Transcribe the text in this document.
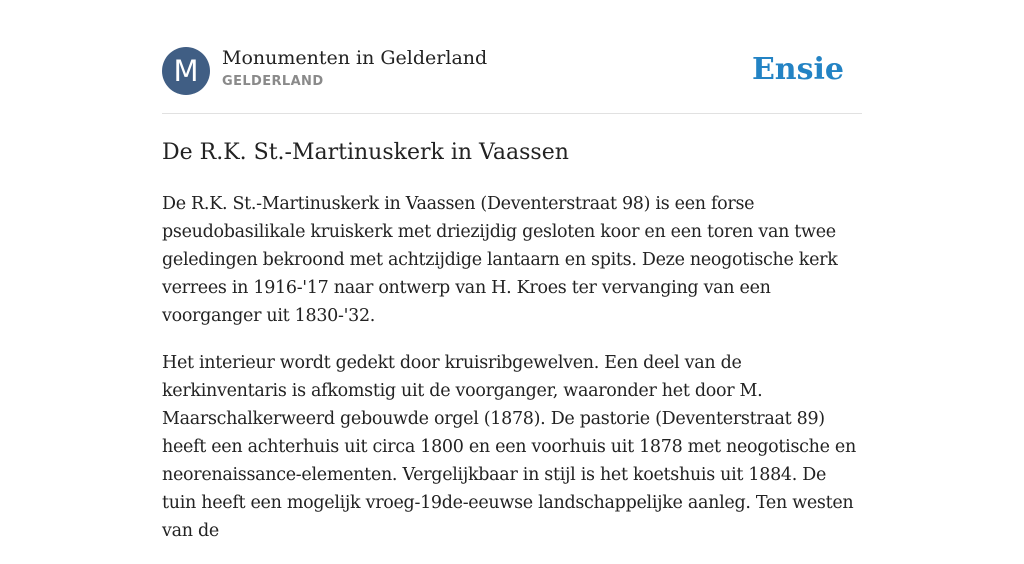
M	Monumenten in Gelderland
GELDERLAND	Ensie
De R.K. St.-Martinuskerk in Vaassen

De R.K. St.-Martinuskerk in Vaassen (Deventerstraat 98) is een forse pseudobasilikale kruiskerk met driezijdig gesloten koor en een toren van twee geledingen bekroond met achtzijdige lantaarn en spits. Deze neogotische kerk verrees in 1916-'17 naar ontwerp van H. Kroes ter vervanging van een voorganger uit 1830-'32.

Het interieur wordt gedekt door kruisribgewelven. Een deel van de kerkinventaris is afkomstig uit de voorganger, waaronder het door M. Maarschalkerweerd gebouwde orgel (1878). De pastorie (Deventerstraat 89) heeft een achterhuis uit circa 1800 en een voorhuis uit 1878 met neogotische en neorenaissance-elementen. Vergelijkbaar in stijl is het koetshuis uit 1884. De tuin heeft een mogelijk vroeg-19de-eeuwse landschappelijke aanleg. Ten westen van de
